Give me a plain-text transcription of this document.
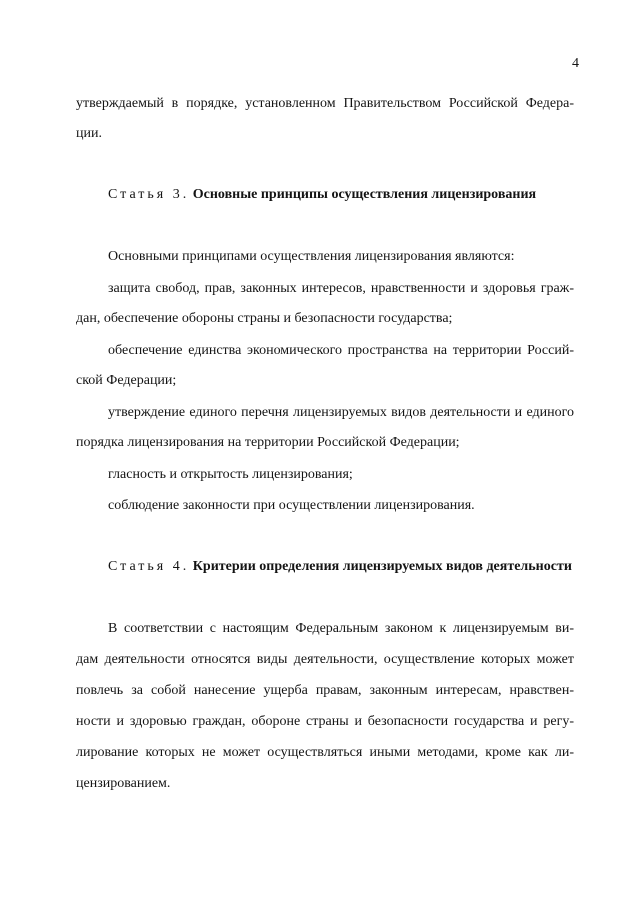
4
утверждаемый в порядке, установленном Правительством Российской Федера-
ции.
Статья 3. Основные принципы осуществления лицензирования
Основными принципами осуществления лицензирования являются:
защита свобод, прав, законных интересов, нравственности и здоровья граж-
дан, обеспечение обороны страны и безопасности государства;
обеспечение единства экономического пространства на территории Россий-
ской Федерации;
утверждение единого перечня лицензируемых видов деятельности и единого
порядка лицензирования на территории Российской Федерации;
гласность и открытость лицензирования;
соблюдение законности при осуществлении лицензирования.
Статья 4. Критерии определения лицензируемых видов деятельности
В соответствии с настоящим Федеральным законом к лицензируемым ви-
дам деятельности относятся виды деятельности, осуществление которых может
повлечь за собой нанесение ущерба правам, законным интересам, нравствен-
ности и здоровью граждан, обороне страны и безопасности государства и регу-
лирование которых не может осуществляться иными методами, кроме как ли-
цензированием.
